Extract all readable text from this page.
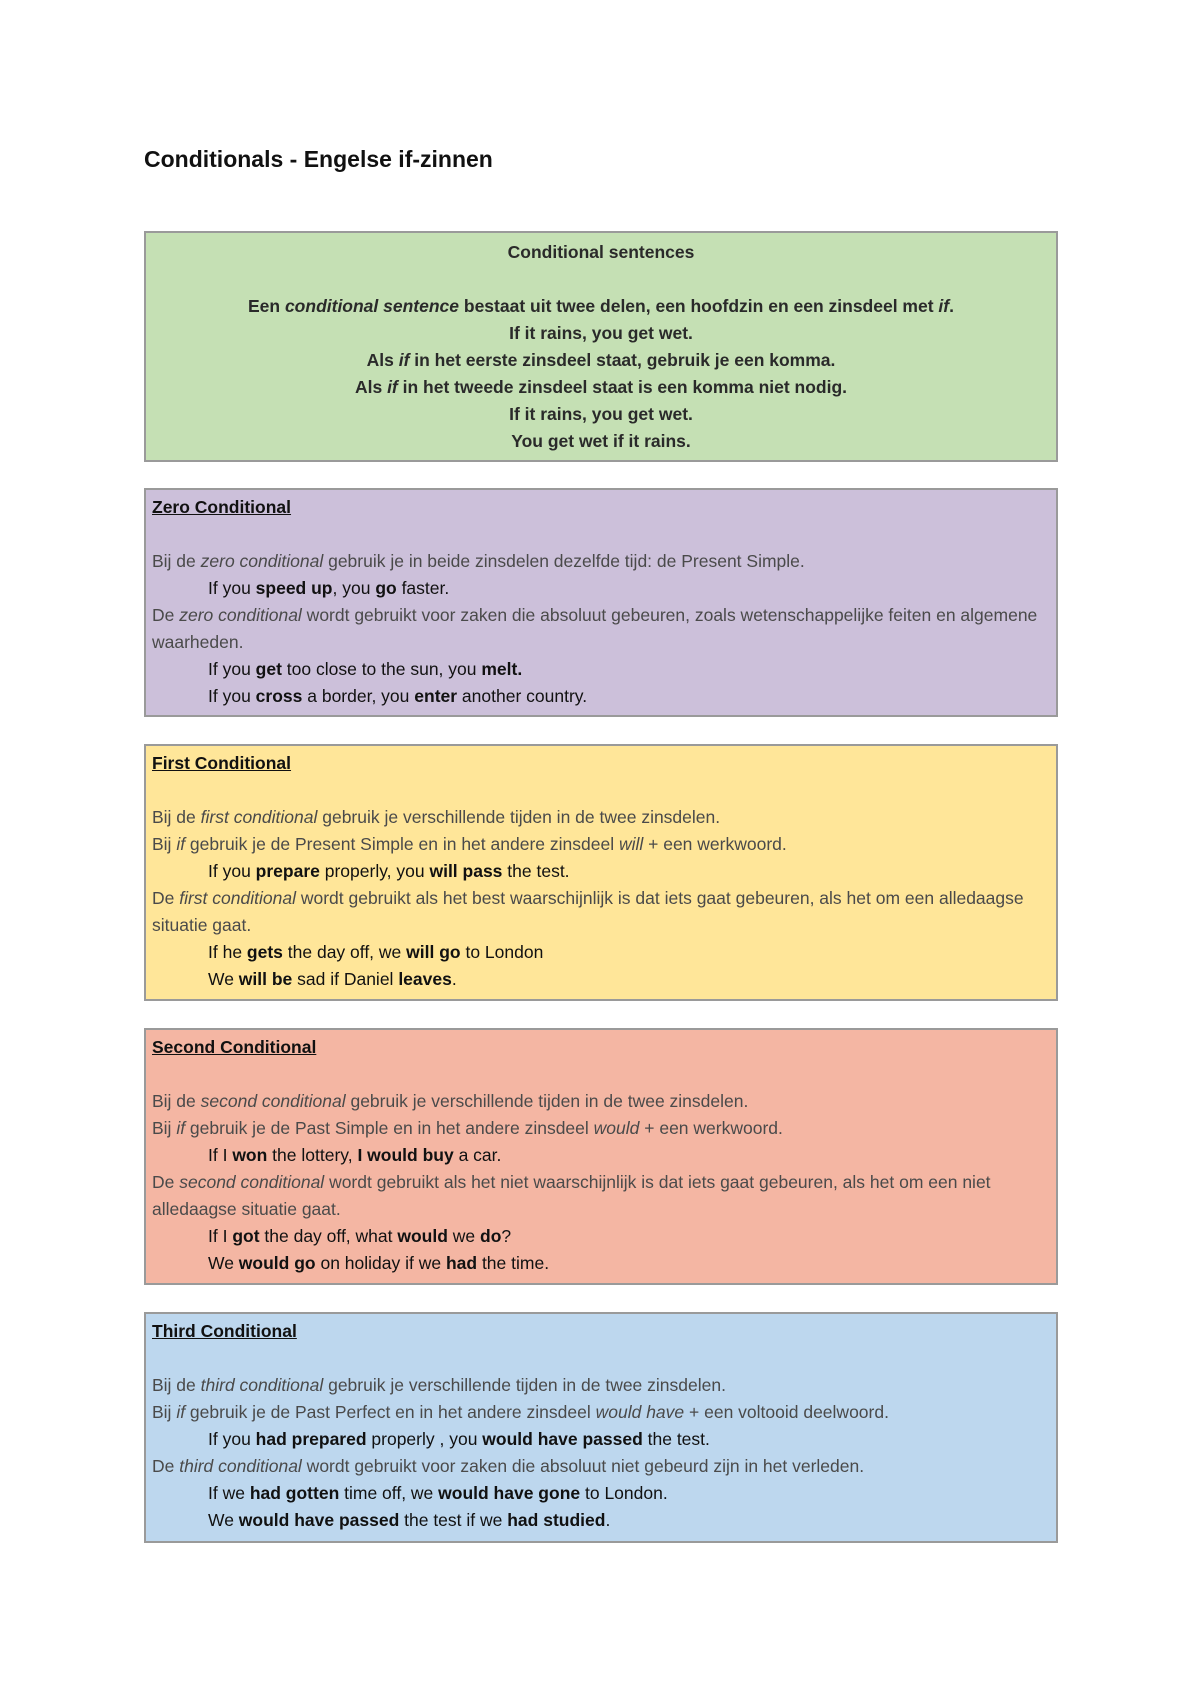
Conditionals - Engelse if-zinnen
Conditional sentences
Een conditional sentence bestaat uit twee delen, een hoofdzin en een zinsdeel met if.
If it rains, you get wet.
Als if in het eerste zinsdeel staat, gebruik je een komma.
Als if in het tweede zinsdeel staat is een komma niet nodig.
If it rains, you get wet.
You get wet if it rains.
Zero Conditional
Bij de zero conditional gebruik je in beide zinsdelen dezelfde tijd: de Present Simple.
If you speed up, you go faster.
De zero conditional wordt gebruikt voor zaken die absoluut gebeuren, zoals wetenschappelijke feiten en algemene waarheden.
If you get too close to the sun, you melt.
If you cross a border, you enter another country.
First Conditional
Bij de first conditional gebruik je verschillende tijden in de twee zinsdelen.
Bij if gebruik je de Present Simple en in het andere zinsdeel will + een werkwoord.
If you prepare properly, you will pass the test.
De first conditional wordt gebruikt als het best waarschijnlijk is dat iets gaat gebeuren, als het om een alledaagse situatie gaat.
If he gets the day off, we will go to London
We will be sad if Daniel leaves.
Second Conditional
Bij de second conditional gebruik je verschillende tijden in de twee zinsdelen.
Bij if gebruik je de Past Simple en in het andere zinsdeel would + een werkwoord.
If I won the lottery, I would buy a car.
De second conditional wordt gebruikt als het niet waarschijnlijk is dat iets gaat gebeuren, als het om een niet alledaagse situatie gaat.
If I got the day off, what would we do?
We would go on holiday if we had the time.
Third Conditional
Bij de third conditional gebruik je verschillende tijden in de twee zinsdelen.
Bij if gebruik je de Past Perfect en in het andere zinsdeel would have + een voltooid deelwoord.
If you had prepared properly , you would have passed the test.
De third conditional wordt gebruikt voor zaken die absoluut niet gebeurd zijn in het verleden.
If we had gotten time off, we would have gone to London.
We would have passed the test if we had studied.
